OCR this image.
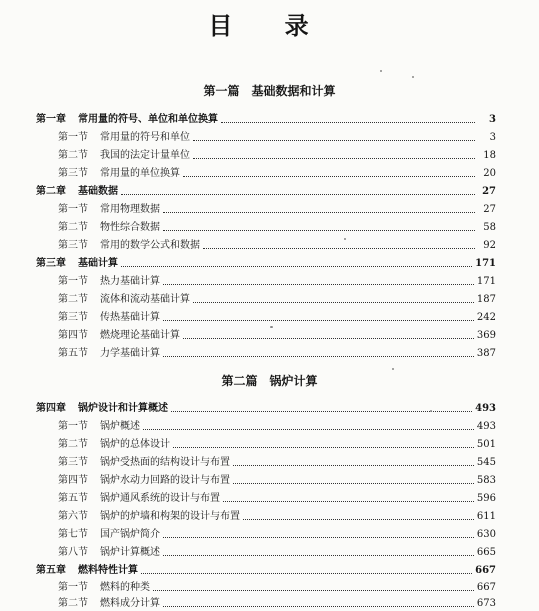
目 录
第一篇　基础数据和计算
第二篇　锅炉计算
第一章 常用量的符号、单位和单位换算	3
第一节 常用量的符号和单位	3
第二节 我国的法定计量单位	18
第三节 常用量的单位换算	20
第二章 基础数据	27
第一节 常用物理数据	27
第二节 物性综合数据	58
第三节 常用的数学公式和数据	92
第三章 基础计算	171
第一节 热力基础计算	171
第二节 流体和流动基础计算	187
第三节 传热基础计算	242
第四节 燃烧理论基础计算	369
第五节 力学基础计算	387
第四章 锅炉设计和计算概述	493
第一节 锅炉概述	493
第二节 锅炉的总体设计	501
第三节 锅炉受热面的结构设计与布置	545
第四节 锅炉水动力回路的设计与布置	583
第五节 锅炉通风系统的设计与布置	596
第六节 锅炉的炉墙和构架的设计与布置	611
第七节 国产锅炉简介	630
第八节 锅炉计算概述	665
第五章 燃料特性计算	667
第一节 燃料的种类	667
第二节 燃料成分计算	673
